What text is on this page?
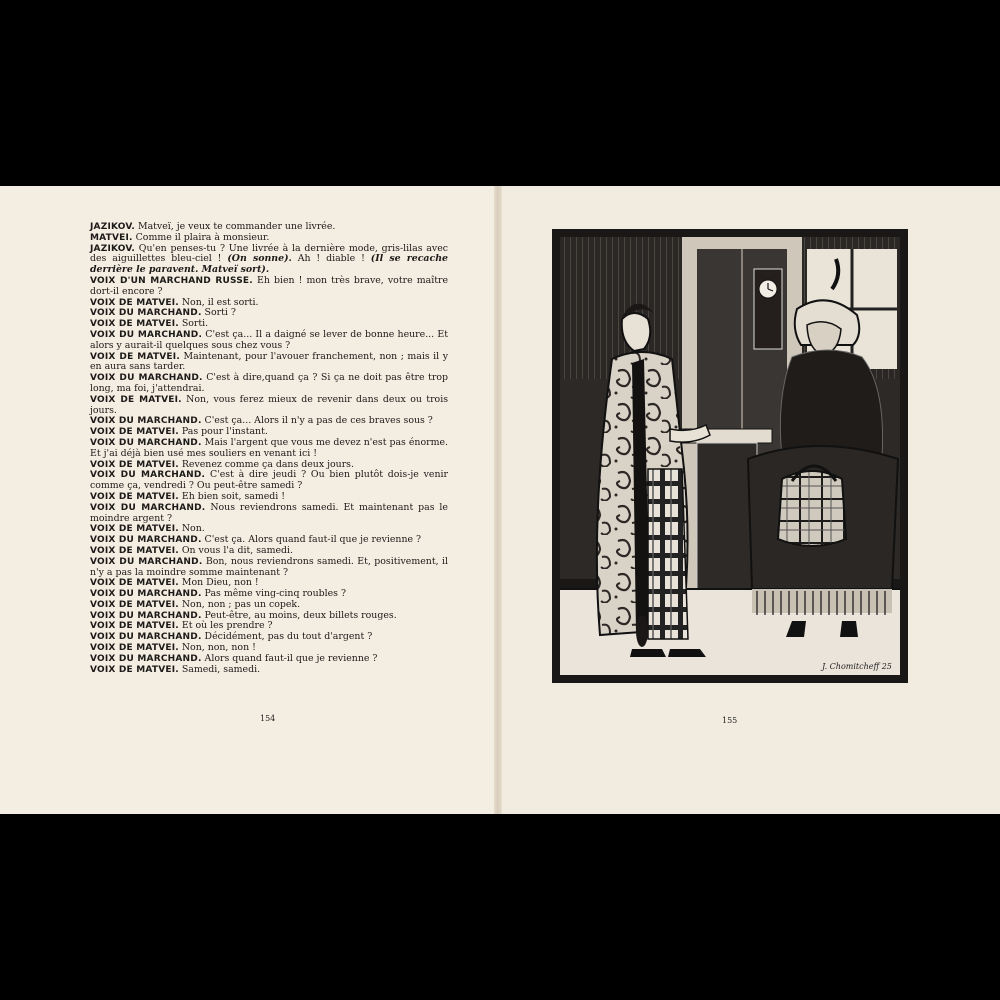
JAZIKOV. Matveï, je veux te commander une livrée.

MATVEI. Comme il plaira à monsieur.

JAZIKOV. Qu'en penses-tu ? Une livrée à la dernière mode, gris-lilas avec des aiguillettes bleu-ciel ! (On sonne). Ah ! diable ! (Il se recache derrière le paravent. Matveï sort).

VOIX D'UN MARCHAND RUSSE. Eh bien ! mon très brave, votre maître dort-il encore ?

VOIX DE MATVEI. Non, il est sorti.

VOIX DU MARCHAND. Sorti ?

VOIX DE MATVEI. Sorti.

VOIX DU MARCHAND. C'est ça... Il a daigné se lever de bonne heure... Et alors y aurait-il quelques sous chez vous ?

VOIX DE MATVEI. Maintenant, pour l'avouer franchement, non ; mais il y en aura sans tarder.

VOIX DU MARCHAND. C'est à dire,quand ça ? Si ça ne doit pas être trop long, ma foi, j'attendrai.

VOIX DE MATVEI. Non, vous ferez mieux de revenir dans deux ou trois jours.

VOIX DU MARCHAND. C'est ça... Alors il n'y a pas de ces braves sous ?

VOIX DE MATVEI. Pas pour l'instant.

VOIX DU MARCHAND. Mais l'argent que vous me devez n'est pas énorme. Et j'ai déjà bien usé mes souliers en venant ici !

VOIX DE MATVEI. Revenez comme ça dans deux jours.

VOIX DU MARCHAND. C'est à dire jeudi ? Ou bien plutôt dois-je venir comme ça, vendredi ? Ou peut-être samedi ?

VOIX DE MATVEI. Eh bien soit, samedi !

VOIX DU MARCHAND. Nous reviendrons samedi. Et maintenant pas le moindre argent ?

VOIX DE MATVEI. Non.

VOIX DU MARCHAND. C'est ça. Alors quand faut-il que je revienne ?

VOIX DE MATVEI. On vous l'a dit, samedi.

VOIX DU MARCHAND. Bon, nous reviendrons samedi. Et, positivement, il n'y a pas la moindre somme maintenant ?

VOIX DE MATVEI. Mon Dieu, non !

VOIX DU MARCHAND. Pas même ving-cinq roubles ?

VOIX DE MATVEI. Non, non ; pas un copek.

VOIX DU MARCHAND. Peut-être, au moins, deux billets rouges.

VOIX DE MATVEI. Et où les prendre ?

VOIX DU MARCHAND. Décidément, pas du tout d'argent ?

VOIX DE MATVEI. Non, non, non !

VOIX DU MARCHAND. Alors quand faut-il que je revienne ?

VOIX DE MATVEI. Samedi, samedi.

154
J. Chomitcheff 25
155
